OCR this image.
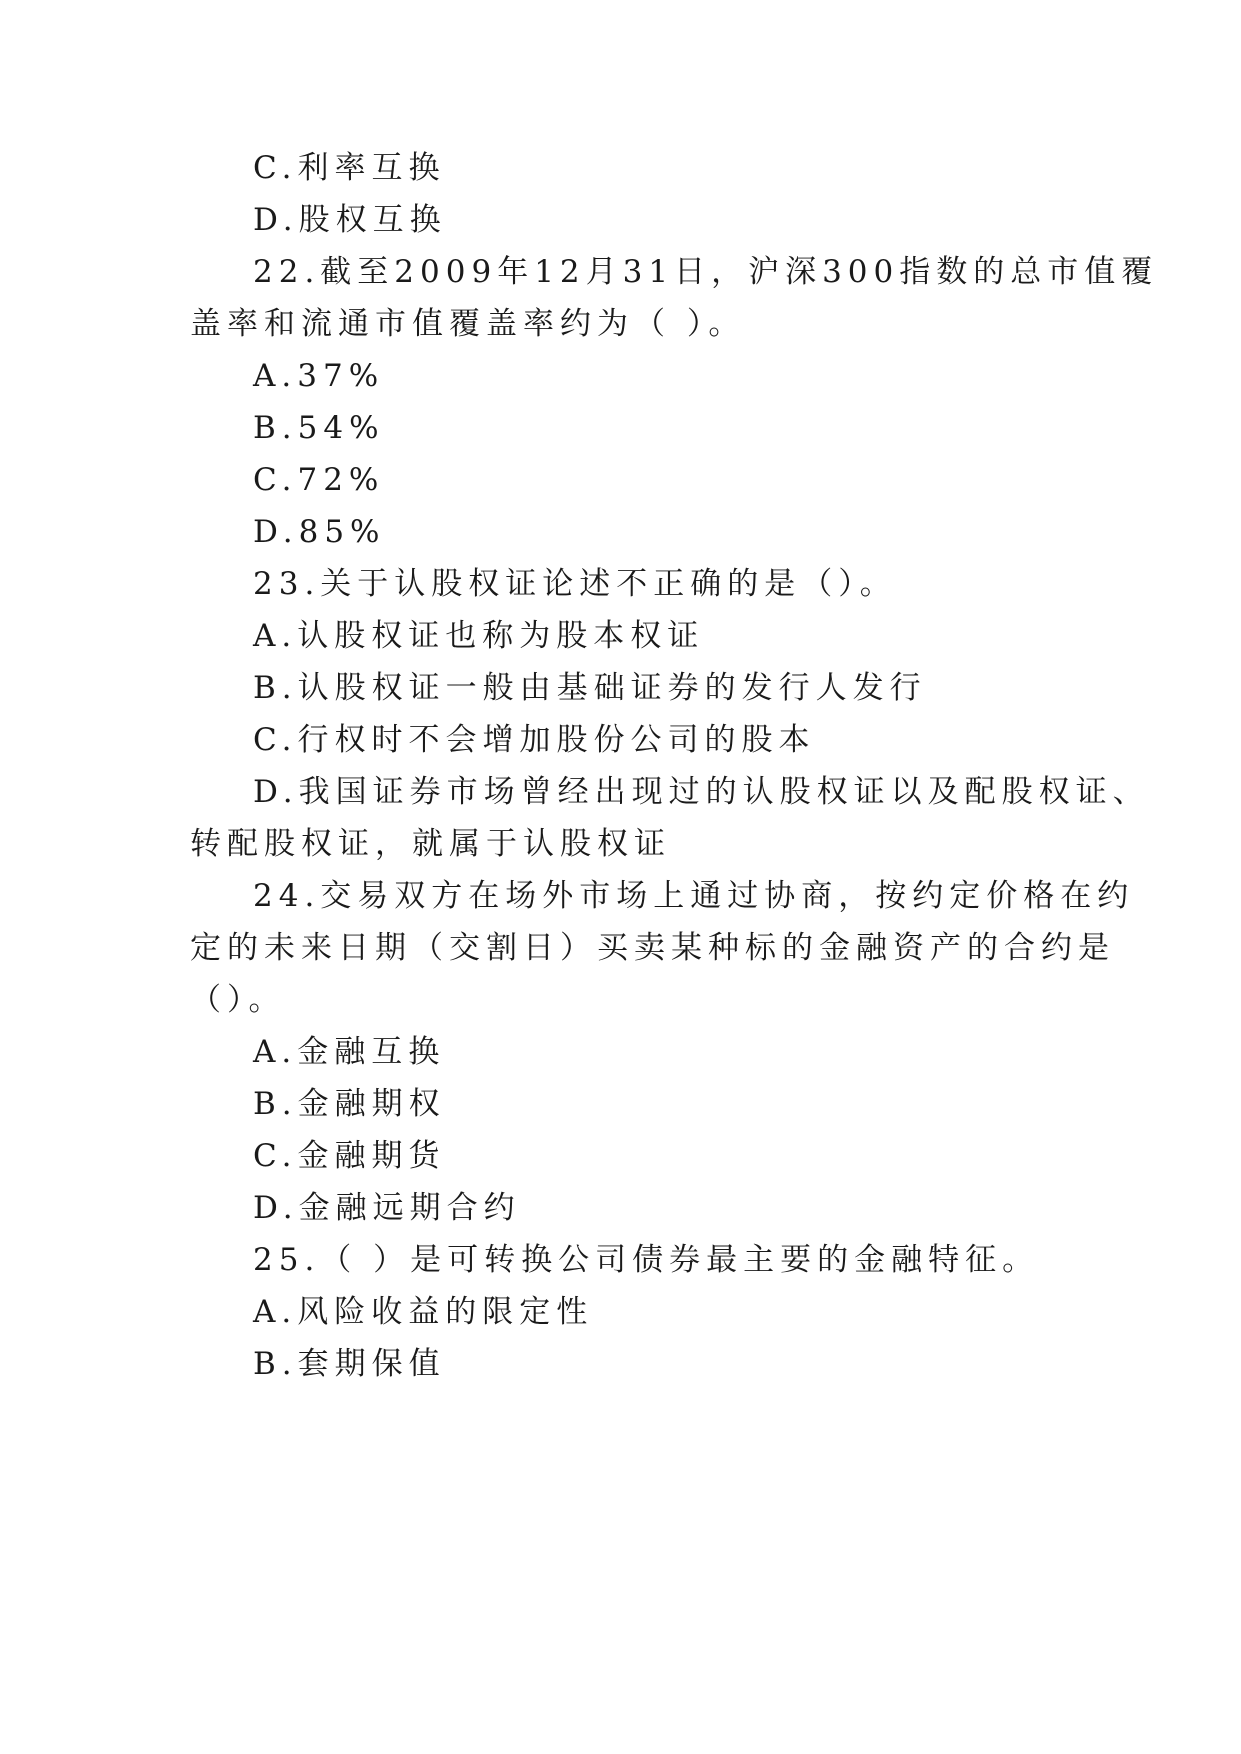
C.利率互换
D.股权互换
22.截至2009年12月31日，沪深300指数的总市值覆
盖率和流通市值覆盖率约为（ ）。
A.37%
B.54%
C.72%
D.85%
23.关于认股权证论述不正确的是（）。
A.认股权证也称为股本权证
B.认股权证一般由基础证券的发行人发行
C.行权时不会增加股份公司的股本
D.我国证券市场曾经出现过的认股权证以及配股权证、
转配股权证，就属于认股权证
24.交易双方在场外市场上通过协商，按约定价格在约
定的未来日期（交割日）买卖某种标的金融资产的合约是
（）。
A.金融互换
B.金融期权
C.金融期货
D.金融远期合约
25.（ ）是可转换公司债券最主要的金融特征。
A.风险收益的限定性
B.套期保值
